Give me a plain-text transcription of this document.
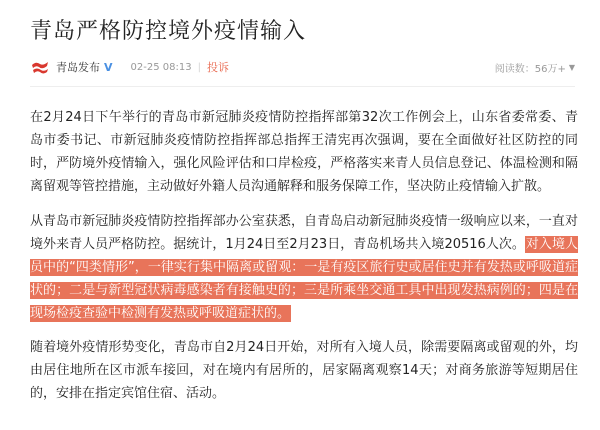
青岛严格防控境外疫情输入
青岛发布 V 02-25 08:13 | 投诉	阅读数： 56万+ ▼

在2月24日下午举行的青岛市新冠肺炎疫情防控指挥部第32次工作例会上，山东省委常委、青岛市委书记、市新冠肺炎疫情防控指挥部总指挥王清宪再次强调，要在全面做好社区防控的同时，严防境外疫情输入，强化风险评估和口岸检疫，严格落实来青人员信息登记、体温检测和隔离留观等管控措施，主动做好外籍人员沟通解释和服务保障工作，坚决防止疫情输入扩散。

从青岛市新冠肺炎疫情防控指挥部办公室获悉，自青岛启动新冠肺炎疫情一级响应以来，一直对境外来青人员严格防控。据统计，1月24日至2月23日，青岛机场共入境20516人次。对入境人员中的“四类情形”，一律实行集中隔离或留观：一是有疫区旅行史或居住史并有发热或呼吸道症状的；二是与新型冠状病毒感染者有接触史的；三是所乘坐交通工具中出现发热病例的；四是在现场检疫查验中检测有发热或呼吸道症状的。

随着境外疫情形势变化，青岛市自2月24日开始，对所有入境人员，除需要隔离或留观的外，均由居住地所在区市派车接回，对在境内有居所的，居家隔离观察14天；对商务旅游等短期居住的，安排在指定宾馆住宿、活动。
